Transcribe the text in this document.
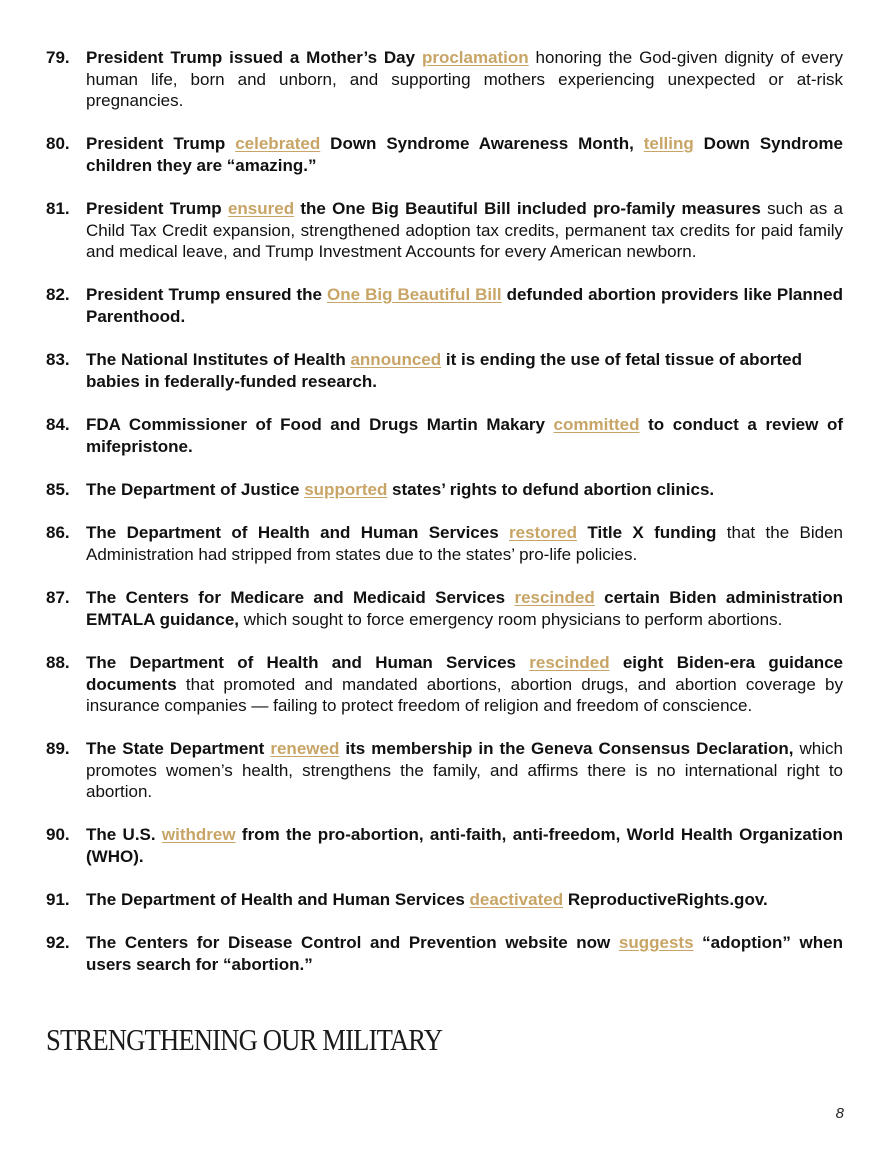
79. President Trump issued a Mother’s Day proclamation honoring the God-given dignity of every human life, born and unborn, and supporting mothers experiencing unexpected or at-risk pregnancies.
80. President Trump celebrated Down Syndrome Awareness Month, telling Down Syndrome children they are “amazing.”
81. President Trump ensured the One Big Beautiful Bill included pro-family measures such as a Child Tax Credit expansion, strengthened adoption tax credits, permanent tax credits for paid family and medical leave, and Trump Investment Accounts for every American newborn.
82. President Trump ensured the One Big Beautiful Bill defunded abortion providers like Planned Parenthood.
83. The National Institutes of Health announced it is ending the use of fetal tissue of aborted babies in federally-funded research.
84. FDA Commissioner of Food and Drugs Martin Makary committed to conduct a review of mifepristone.
85. The Department of Justice supported states’ rights to defund abortion clinics.
86. The Department of Health and Human Services restored Title X funding that the Biden Administration had stripped from states due to the states’ pro-life policies.
87. The Centers for Medicare and Medicaid Services rescinded certain Biden administration EMTALA guidance, which sought to force emergency room physicians to perform abortions.
88. The Department of Health and Human Services rescinded eight Biden-era guidance documents that promoted and mandated abortions, abortion drugs, and abortion coverage by insurance companies — failing to protect freedom of religion and freedom of conscience.
89. The State Department renewed its membership in the Geneva Consensus Declaration, which promotes women’s health, strengthens the family, and affirms there is no international right to abortion.
90. The U.S. withdrew from the pro-abortion, anti-faith, anti-freedom, World Health Organization (WHO).
91. The Department of Health and Human Services deactivated ReproductiveRights.gov.
92. The Centers for Disease Control and Prevention website now suggests “adoption” when users search for “abortion.”
STRENGTHENING OUR MILITARY
8
